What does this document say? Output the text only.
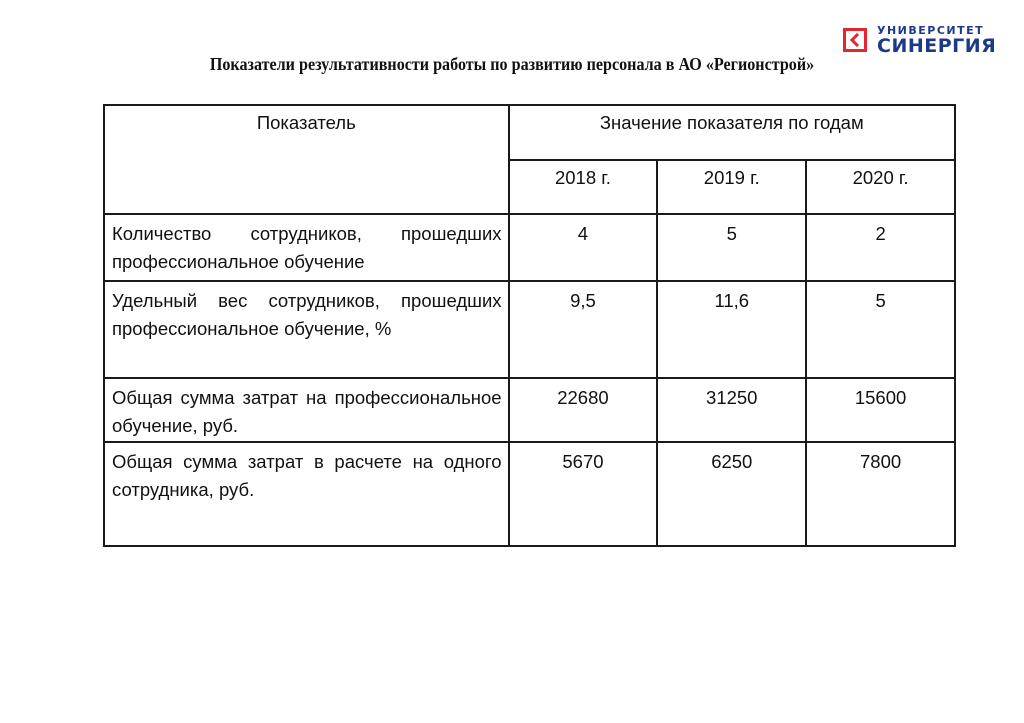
УНИВЕРСИТЕТ
СИНЕРГИЯ
Показатели результативности работы по развитию персонала в АО «Регионстрой»
Показатель	Значение показателя по годам		
	2018 г.	2019 г.	2020 г.
Количество сотрудников, прошедших профессиональное обучение	4	5	2
Удельный вес сотрудников, прошедших профессиональное обучение, %	9,5	11,6	5
Общая сумма затрат на профессиональное обучение, руб.	22680	31250	15600
Общая сумма затрат в расчете на одного сотрудника, руб.	5670	6250	7800
